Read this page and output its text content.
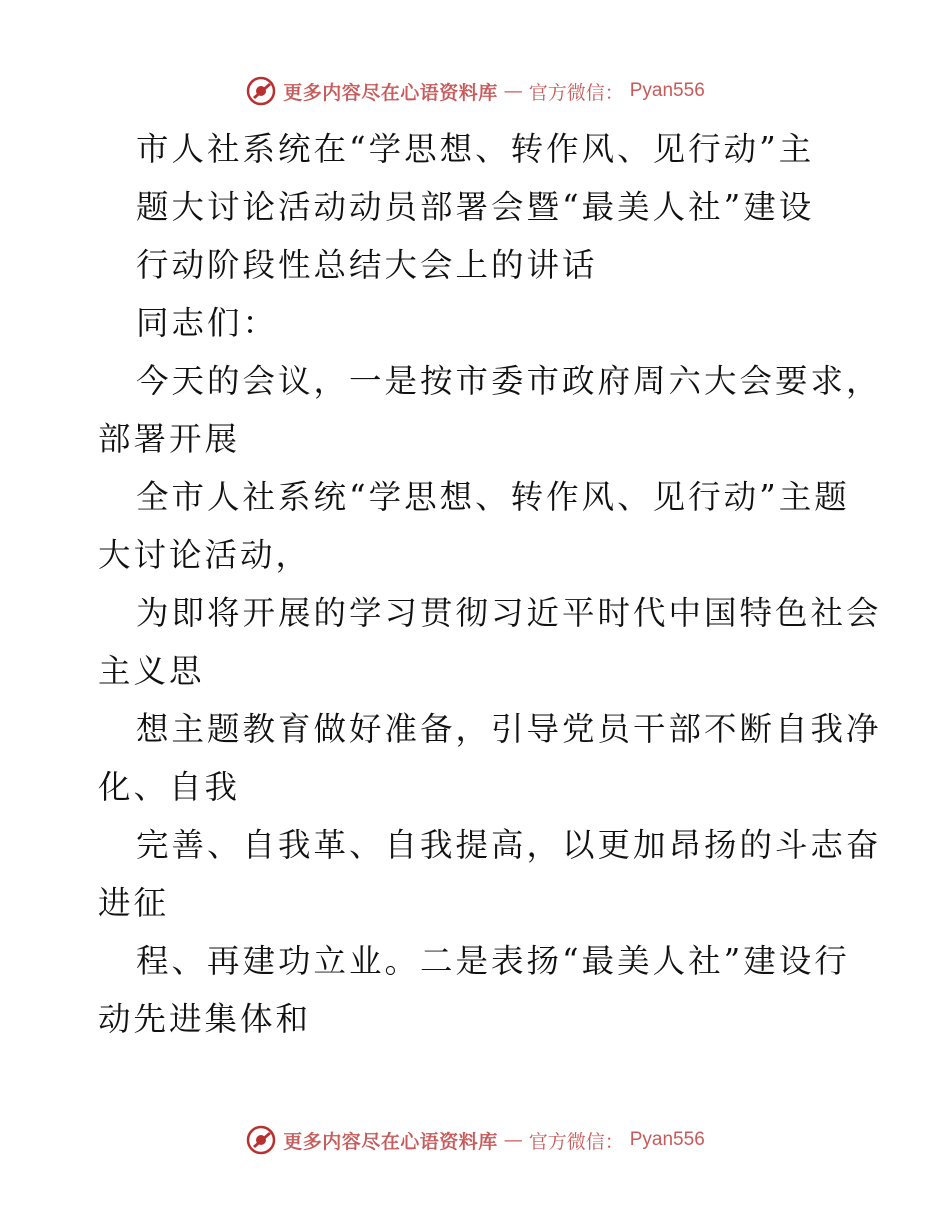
更多内容尽在心语资料库 — 官方微信： Pyan556
市人社系统在“学思想、转作风、见行动”主
题大讨论活动动员部署会暨“最美人社”建设
行动阶段性总结大会上的讲话
同志们：
今天的会议，一是按市委市政府周六大会要求，
部署开展
全市人社系统“学思想、转作风、见行动”主题
大讨论活动，
为即将开展的学习贯彻习近平时代中国特色社会
主义思
想主题教育做好准备，引导党员干部不断自我净
化、自我
完善、自我革、自我提高，以更加昂扬的斗志奋
进征
程、再建功立业。二是表扬“最美人社”建设行
动先进集体和
更多内容尽在心语资料库 — 官方微信： Pyan556
